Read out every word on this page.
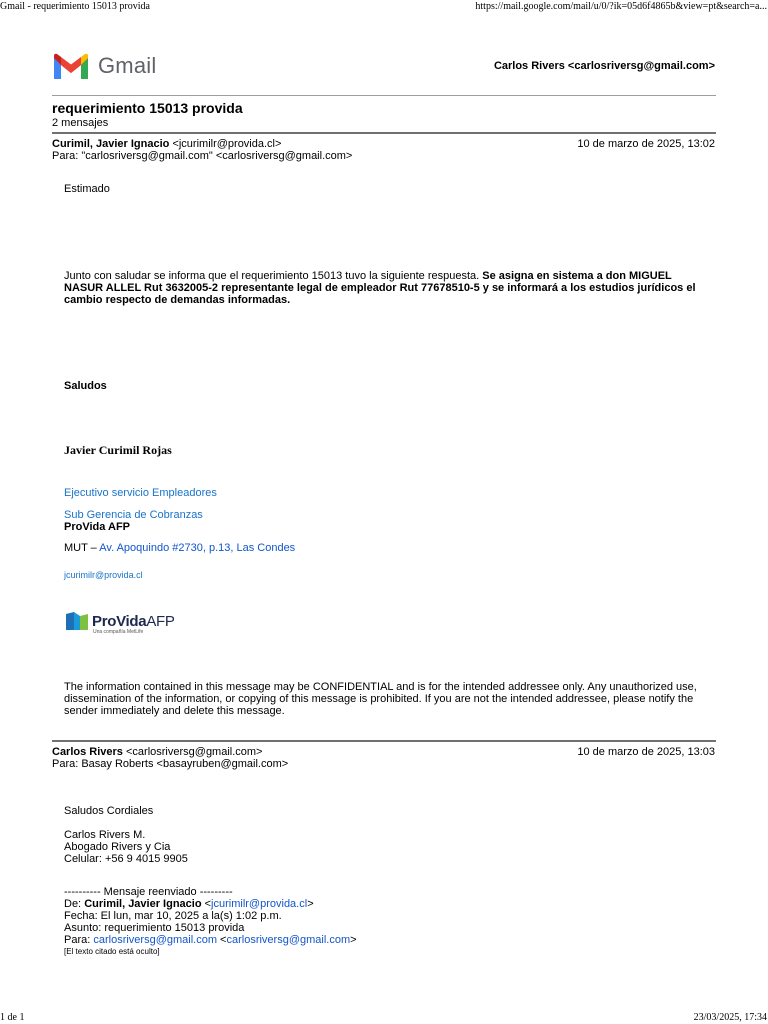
Gmail - requerimiento 15013 provida	https://mail.google.com/mail/u/0/?ik=05d6f4865b&view=pt&search=a...
Gmail	Carlos Rivers <carlosriversg@gmail.com>
requerimiento 15013 provida
2 mensajes
Curimil, Javier Ignacio <jcurimilr@provida.cl>	10 de marzo de 2025, 13:02
Para: "carlosriversg@gmail.com" <carlosriversg@gmail.com>
Estimado
Junto con saludar se informa que el requerimiento 15013 tuvo la siguiente respuesta. Se asigna en sistema a don MIGUEL NASUR ALLEL Rut 3632005-2 representante legal de empleador Rut 77678510-5 y se informará a los estudios jurídicos el cambio respecto de demandas informadas.
Saludos
Javier Curimil Rojas
Ejecutivo servicio Empleadores
Sub Gerencia de Cobranzas
ProVida AFP
MUT – Av. Apoquindo #2730, p.13, Las Condes
jcurimilr@provida.cl
ProVidaAFP
Una compañía MetLife
The information contained in this message may be CONFIDENTIAL and is for the intended addressee only. Any unauthorized use, dissemination of the information, or copying of this message is prohibited. If you are not the intended addressee, please notify the sender immediately and delete this message.
Carlos Rivers <carlosriversg@gmail.com>	10 de marzo de 2025, 13:03
Para: Basay Roberts <basayruben@gmail.com>
Saludos Cordiales
Carlos Rivers M.
Abogado Rivers y Cia
Celular: +56 9 4015 9905
---------- Mensaje reenviado ---------
De: Curimil, Javier Ignacio <jcurimilr@provida.cl>
Fecha: El lun, mar 10, 2025 a la(s) 1:02 p.m.
Asunto: requerimiento 15013 provida
Para: carlosriversg@gmail.com <carlosriversg@gmail.com>
[El texto citado está oculto]
1 de 1	23/03/2025, 17:34
